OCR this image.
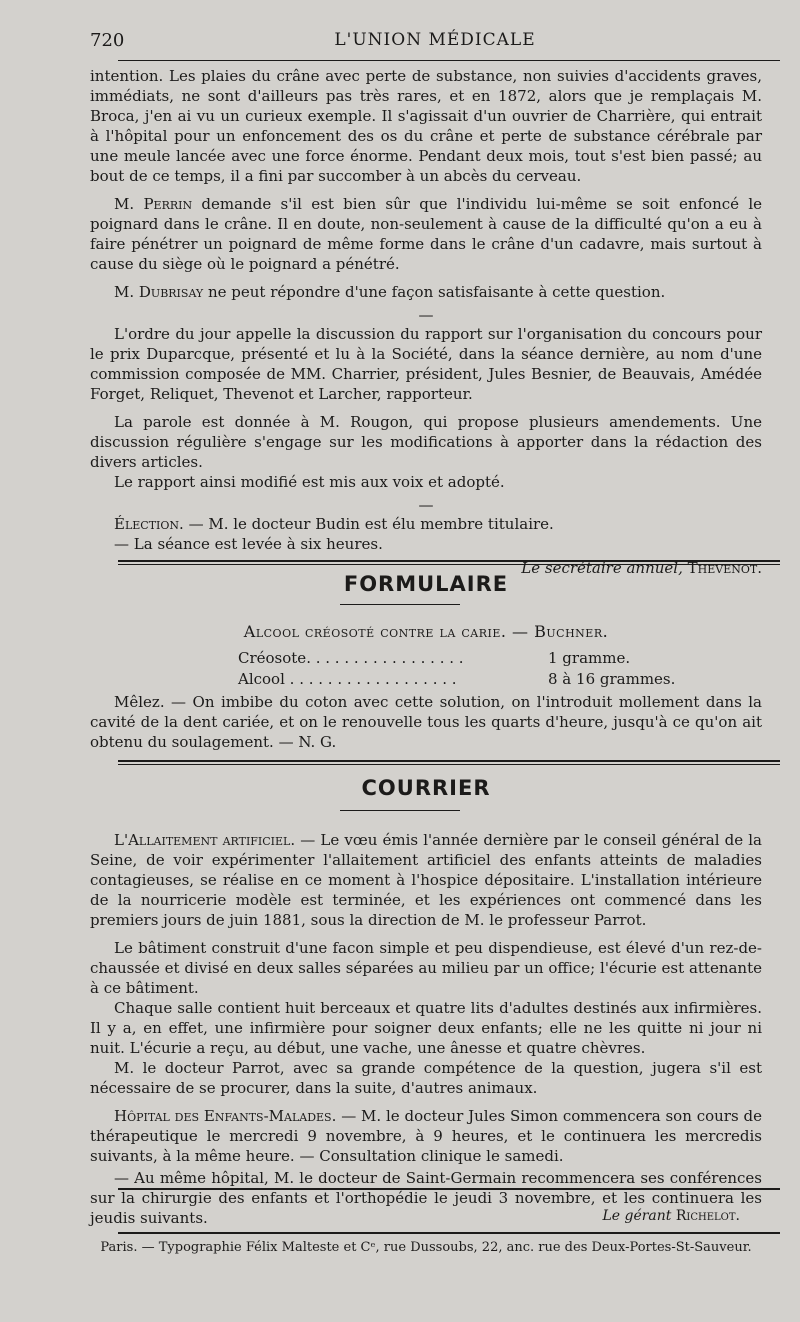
720	L'UNION MÉDICALE

intention. Les plaies du crâne avec perte de substance, non suivies d'accidents graves, immédiats, ne sont d'ailleurs pas très rares, et en 1872, alors que je remplaçais M. Broca, j'en ai vu un curieux exemple. Il s'agissait d'un ouvrier de Charrière, qui entrait à l'hôpital pour un enfoncement des os du crâne et perte de substance cérébrale par une meule lancée avec une force énorme. Pendant deux mois, tout s'est bien passé; au bout de ce temps, il a fini par succomber à un abcès du cerveau.

M. Perrin demande s'il est bien sûr que l'individu lui-même se soit enfoncé le poignard dans le crâne. Il en doute, non-seulement à cause de la difficulté qu'on a eu à faire pénétrer un poignard de même forme dans le crâne d'un cadavre, mais surtout à cause du siège où le poignard a pénétré.

M. Dubrisay ne peut répondre d'une façon satisfaisante à cette question.

—

L'ordre du jour appelle la discussion du rapport sur l'organisation du concours pour le prix Duparcque, présenté et lu à la Société, dans la séance dernière, au nom d'une commission composée de MM. Charrier, président, Jules Besnier, de Beauvais, Amédée Forget, Reliquet, Thevenot et Larcher, rapporteur.

La parole est donnée à M. Rougon, qui propose plusieurs amendements. Une discussion régulière s'engage sur les modifications à apporter dans la rédaction des divers articles.

Le rapport ainsi modifié est mis aux voix et adopté.

—

Élection. — M. le docteur Budin est élu membre titulaire.

— La séance est levée à six heures.

Le secrétaire annuel, Thevenot.

FORMULAIRE
Alcool créosoté contre la carie. — Buchner.
Créosote. . . . . . . . . . . . . . . . .	1 gramme.
Alcool . . . . . . . . . . . . . . . . . .	8 à 16 grammes.

Mêlez. — On imbibe du coton avec cette solution, on l'introduit mollement dans la cavité de la dent cariée, et on le renouvelle tous les quarts d'heure, jusqu'à ce qu'on ait obtenu du soulagement. — N. G.

COURRIER

L'Allaitement artificiel. — Le vœu émis l'année dernière par le conseil général de la Seine, de voir expérimenter l'allaitement artificiel des enfants atteints de maladies contagieuses, se réalise en ce moment à l'hospice dépositaire. L'installation intérieure de la nourricerie modèle est terminée, et les expériences ont commencé dans les premiers jours de juin 1881, sous la direction de M. le professeur Parrot.

Le bâtiment construit d'une facon simple et peu dispendieuse, est élevé d'un rez-de-chaussée et divisé en deux salles séparées au milieu par un office; l'écurie est attenante à ce bâtiment.

Chaque salle contient huit berceaux et quatre lits d'adultes destinés aux infirmières. Il y a, en effet, une infirmière pour soigner deux enfants; elle ne les quitte ni jour ni nuit. L'écurie a reçu, au début, une vache, une ânesse et quatre chèvres.

M. le docteur Parrot, avec sa grande compétence de la question, jugera s'il est nécessaire de se procurer, dans la suite, d'autres animaux.

Hôpital des Enfants-Malades. — M. le docteur Jules Simon commencera son cours de thérapeutique le mercredi 9 novembre, à 9 heures, et le continuera les mercredis suivants, à la même heure. — Consultation clinique le samedi.

— Au même hôpital, M. le docteur de Saint-Germain recommencera ses conférences sur la chirurgie des enfants et l'orthopédie le jeudi 3 novembre, et les continuera les jeudis suivants.	Le gérant Richelot.
Paris. — Typographie Félix Malteste et Cᵉ, rue Dussoubs, 22, anc. rue des Deux-Portes-St-Sauveur.
